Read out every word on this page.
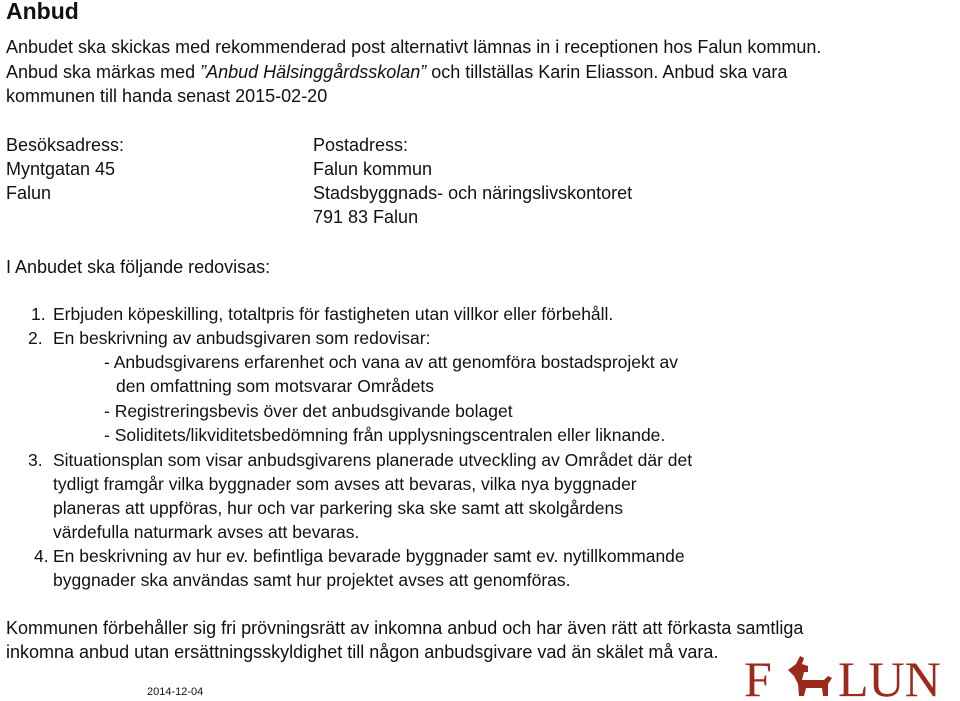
Anbud
Anbudet ska skickas med rekommenderad post alternativt lämnas in i receptionen hos Falun kommun.
Anbud ska märkas med ”Anbud Hälsinggårdsskolan” och tillställas Karin Eliasson. Anbud ska vara
kommunen till handa senast 2015-02-20
Besöksadress:
Myntgatan 45
Falun
Postadress:
Falun kommun
Stadsbyggnads- och näringslivskontoret
791 83 Falun
I Anbudet ska följande redovisas:
1. Erbjuden köpeskilling, totaltpris för fastigheten utan villkor eller förbehåll.
2. En beskrivning av anbudsgivaren som redovisar:
- Anbudsgivarens erfarenhet och vana av att genomföra bostadsprojekt av
den omfattning som motsvarar Områdets
- Registreringsbevis över det anbudsgivande bolaget
- Soliditets/likviditetsbedömning från upplysningscentralen eller liknande.
3. Situationsplan som visar anbudsgivarens planerade utveckling av Området där det
tydligt framgår vilka byggnader som avses att bevaras, vilka nya byggnader
planeras att uppföras, hur och var parkering ska ske samt att skolgårdens
värdefulla naturmark avses att bevaras.
4. En beskrivning av hur ev. befintliga bevarade byggnader samt ev. nytillkommande
byggnader ska användas samt hur projektet avses att genomföras.
Kommunen förbehåller sig fri prövningsrätt av inkomna anbud och har även rätt att förkasta samtliga
inkomna anbud utan ersättningsskyldighet till någon anbudsgivare vad än skälet må vara.
2014-12-04	F LUN
